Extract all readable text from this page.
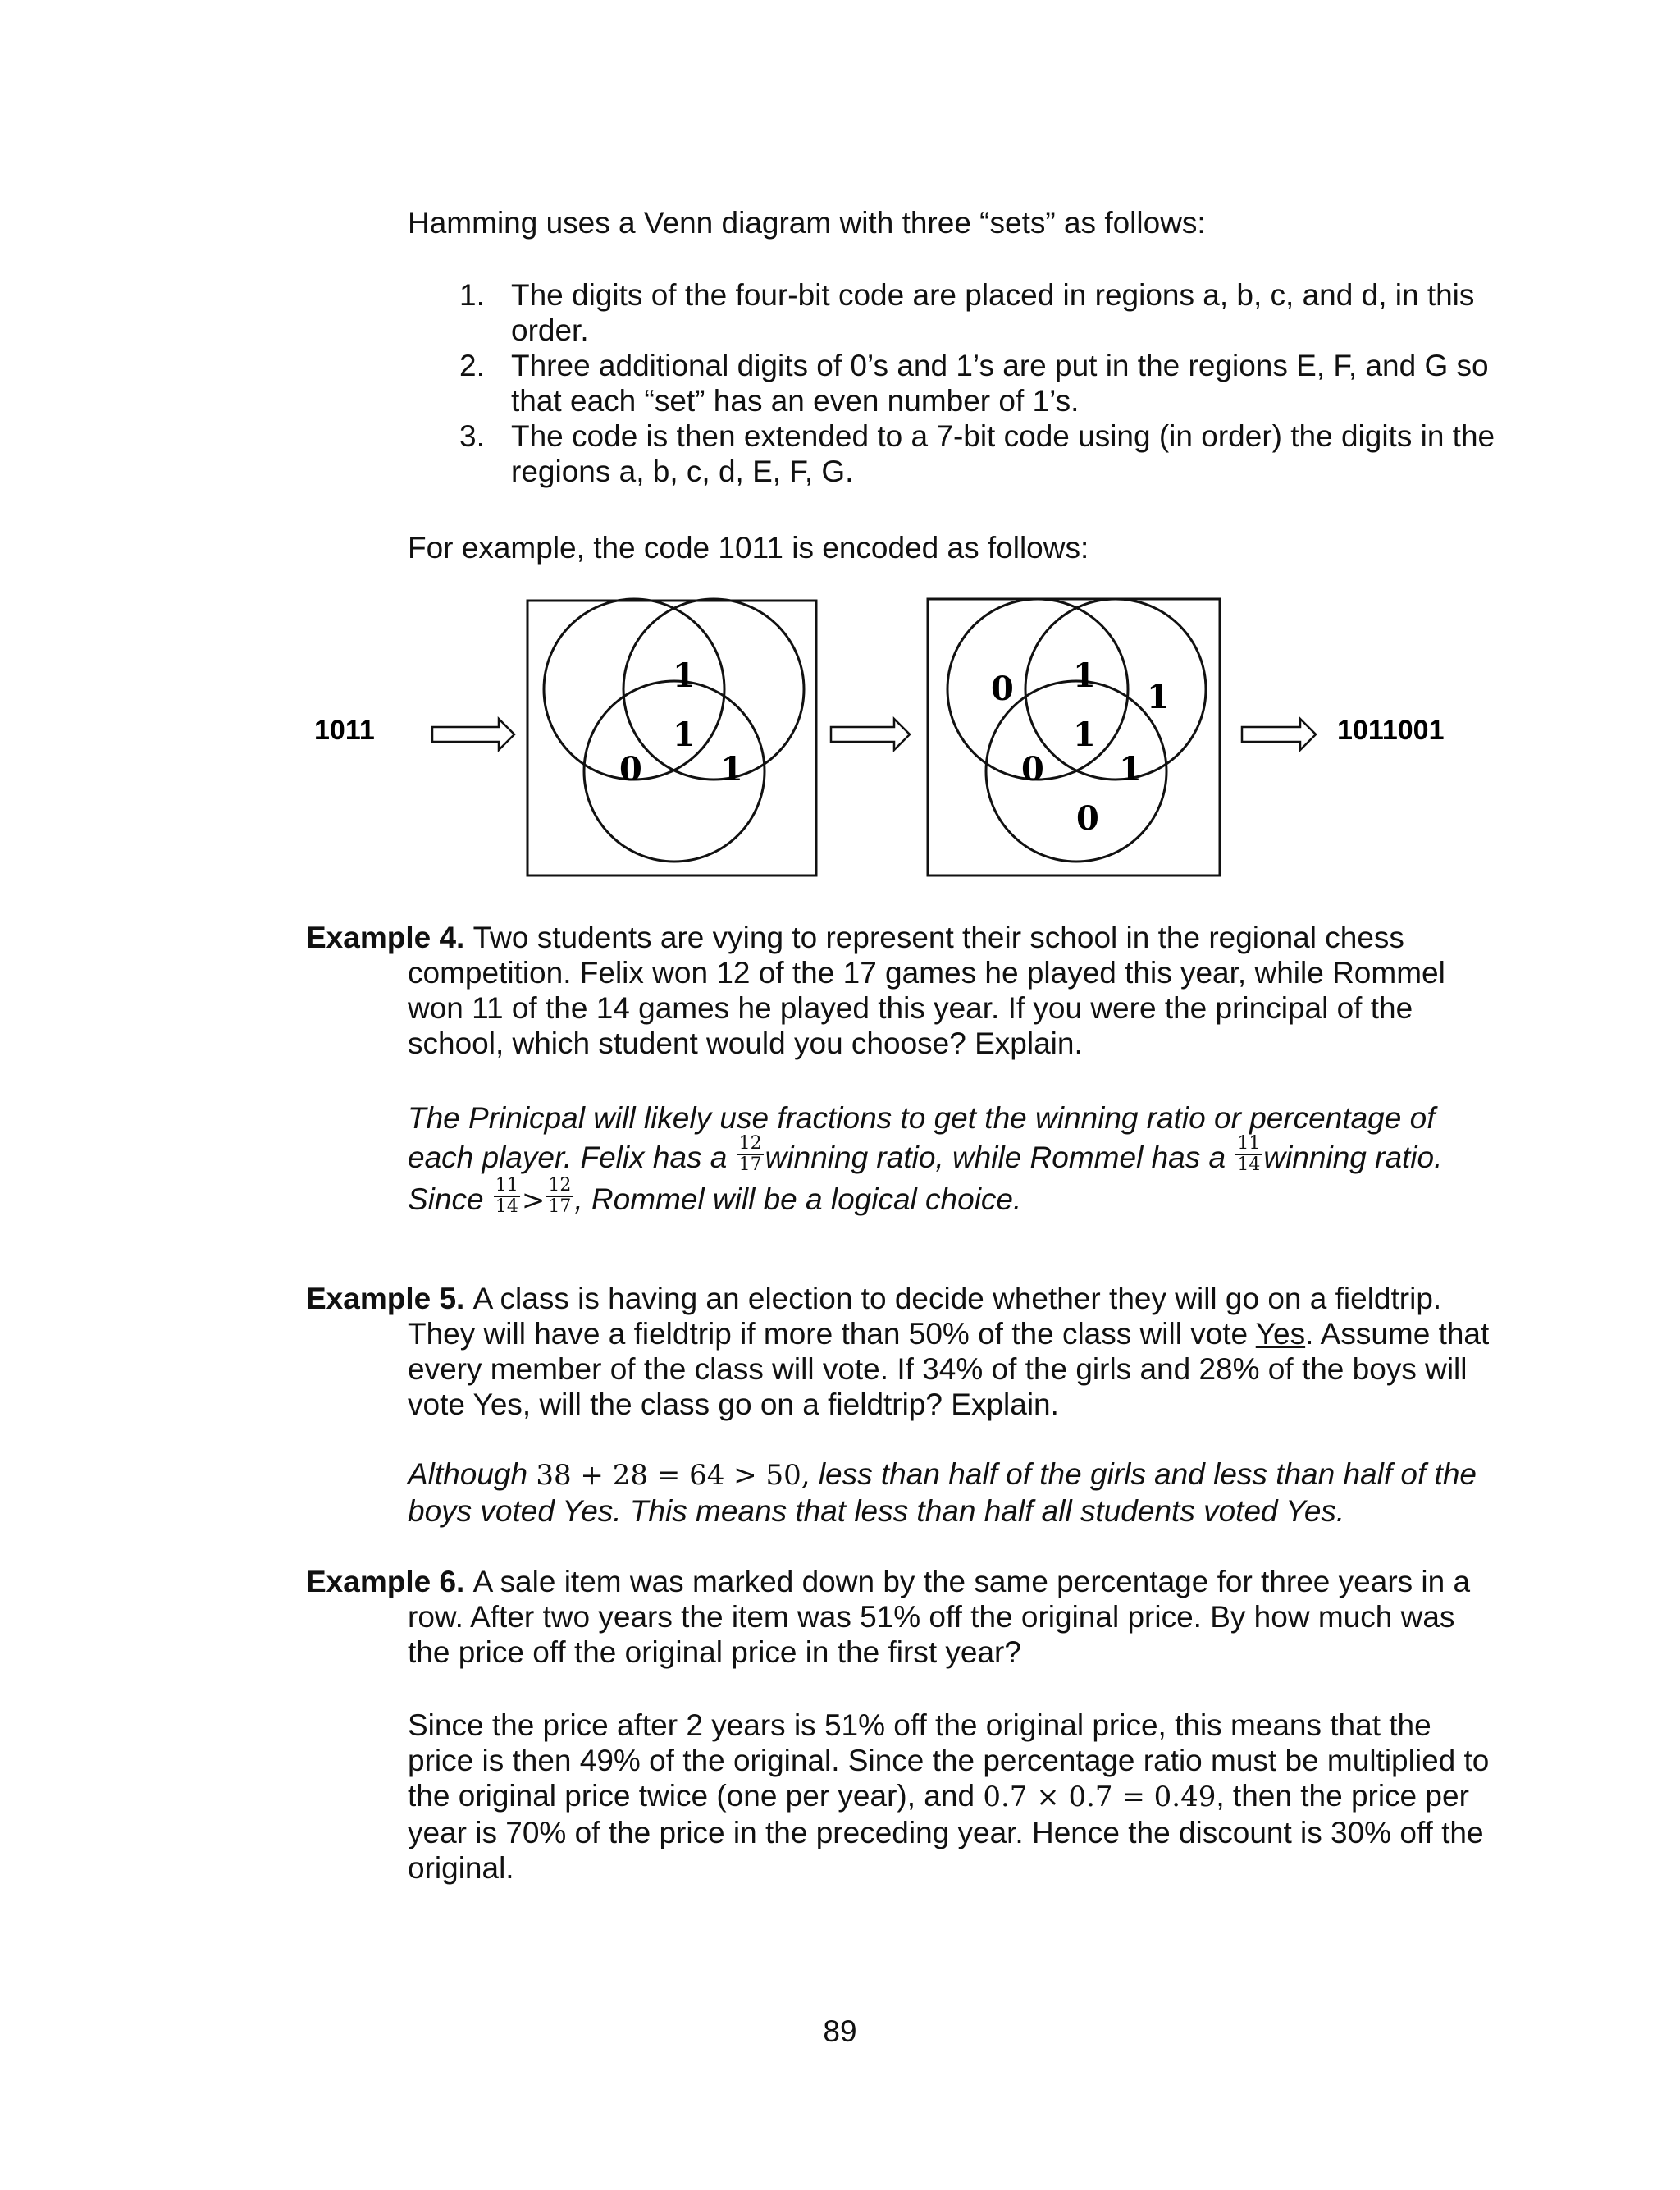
Hamming uses a Venn diagram with three “sets” as follows:

1. The digits of the four-bit code are placed in regions a, b, c, and d, in this order.

2. Three additional digits of 0’s and 1’s are put in the regions E, F, and G so that each “set” has an even number of 1’s.

3. The code is then extended to a 7-bit code using (in order) the digits in the regions a, b, c, d, E, F, G.

For example, the code 1011 is encoded as follows:
1011
1
1
0 1
0 1
1
1
0 1
0
1011001

Example 4. Two students are vying to represent their school in the regional chess competition. Felix won 12 of the 17 games he played this year, while Rommel won 11 of the 14 games he played this year. If you were the principal of the school, which student would you choose? Explain.

The Prinicpal will likely use fractions to get the winning ratio or percentage of each player. Felix has a $\frac{12}{17}$ winning ratio, while Rommel has a $\frac{11}{14}$ winning ratio.
Since $\frac{11}{14} > \frac{12}{17}$ , Rommel will be a logical choice.

Example 5. A class is having an election to decide whether they will go on a fieldtrip. They will have a fieldtrip if more than 50% of the class will vote Yes. Assume that every member of the class will vote. If 34% of the girls and 28% of the boys will vote Yes, will the class go on a fieldtrip? Explain.

Although 38 + 28 = 64 > 50, less than half of the girls and less than half of the boys voted Yes. This means that less than half all students voted Yes.

Example 6. A sale item was marked down by the same percentage for three years in a row. After two years the item was 51% off the original price. By how much was the price off the original price in the first year?

Since the price after 2 years is 51% off the original price, this means that the price is then 49% of the original. Since the percentage ratio must be multiplied to the original price twice (one per year), and 0.7 × 0.7 = 0.49, then the price per year is 70% of the price in the preceding year. Hence the discount is 30% off the original.
89
